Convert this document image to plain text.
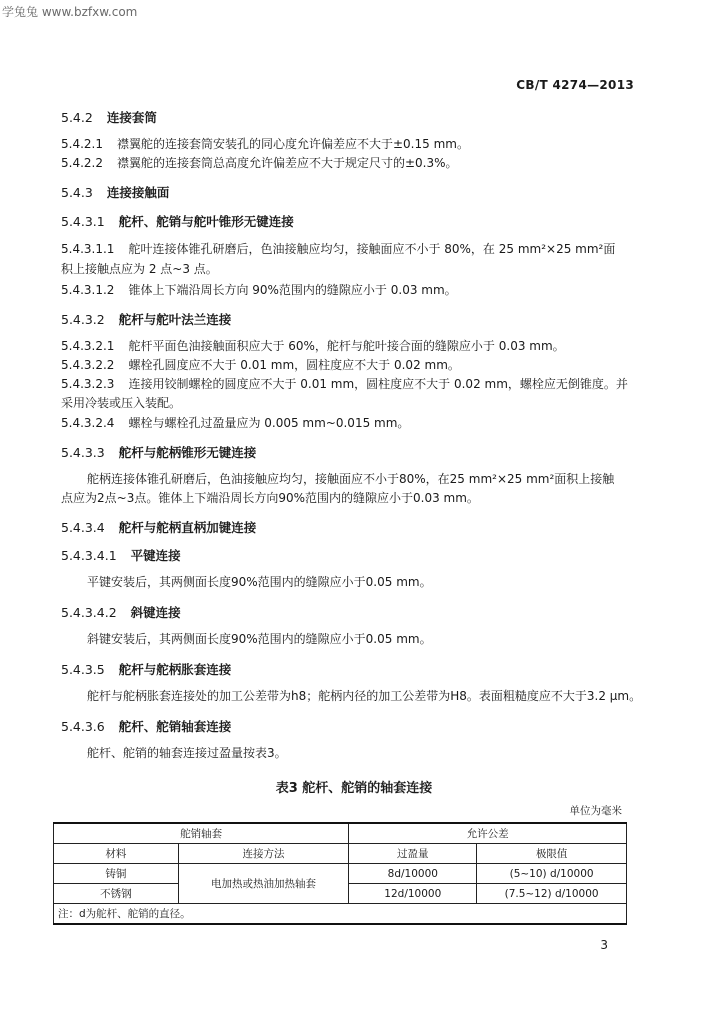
学兔兔 www.bzfxw.com
CB/T 4274—2013
5.4.2 连接套筒
5.4.2.1 襟翼舵的连接套筒安装孔的同心度允许偏差应不大于±0.15 mm。
5.4.2.2 襟翼舵的连接套筒总高度允许偏差应不大于规定尺寸的±0.3%。
5.4.3 连接接触面
5.4.3.1 舵杆、舵销与舵叶锥形无键连接
5.4.3.1.1 舵叶连接体锥孔研磨后，色油接触应均匀，接触面应不小于 80%，在 25 mm²×25 mm²面
积上接触点应为 2 点~3 点。
5.4.3.1.2 锥体上下端沿周长方向 90%范围内的缝隙应小于 0.03 mm。
5.4.3.2 舵杆与舵叶法兰连接
5.4.3.2.1 舵杆平面色油接触面积应大于 60%，舵杆与舵叶接合面的缝隙应小于 0.03 mm。
5.4.3.2.2 螺栓孔圆度应不大于 0.01 mm，圆柱度应不大于 0.02 mm。
5.4.3.2.3 连接用铰制螺栓的圆度应不大于 0.01 mm，圆柱度应不大于 0.02 mm，螺栓应无倒锥度。并
采用冷装或压入装配。
5.4.3.2.4 螺栓与螺栓孔过盈量应为 0.005 mm~0.015 mm。
5.4.3.3 舵杆与舵柄锥形无键连接
舵柄连接体锥孔研磨后，色油接触应均匀，接触面应不小于80%，在25 mm²×25 mm²面积上接触
点应为2点~3点。锥体上下端沿周长方向90%范围内的缝隙应小于0.03 mm。
5.4.3.4 舵杆与舵柄直柄加键连接
5.4.3.4.1 平键连接
平键安装后，其两侧面长度90%范围内的缝隙应小于0.05 mm。
5.4.3.4.2 斜键连接
斜键安装后，其两侧面长度90%范围内的缝隙应小于0.05 mm。
5.4.3.5 舵杆与舵柄胀套连接
舵杆与舵柄胀套连接处的加工公差带为h8；舵柄内径的加工公差带为H8。表面粗糙度应不大于3.2 μm。
5.4.3.6 舵杆、舵销轴套连接
舵杆、舵销的轴套连接过盈量按表3。
表3 舵杆、舵销的轴套连接
单位为毫米
舵销轴套		允许公差	
材料	连接方法	过盈量	极限值
铸铜	电加热或热油加热轴套	8d/10000	(5~10) d/10000
不锈钢		12d/10000	(7.5~12) d/10000
注：d为舵杆、舵销的直径。			
3
